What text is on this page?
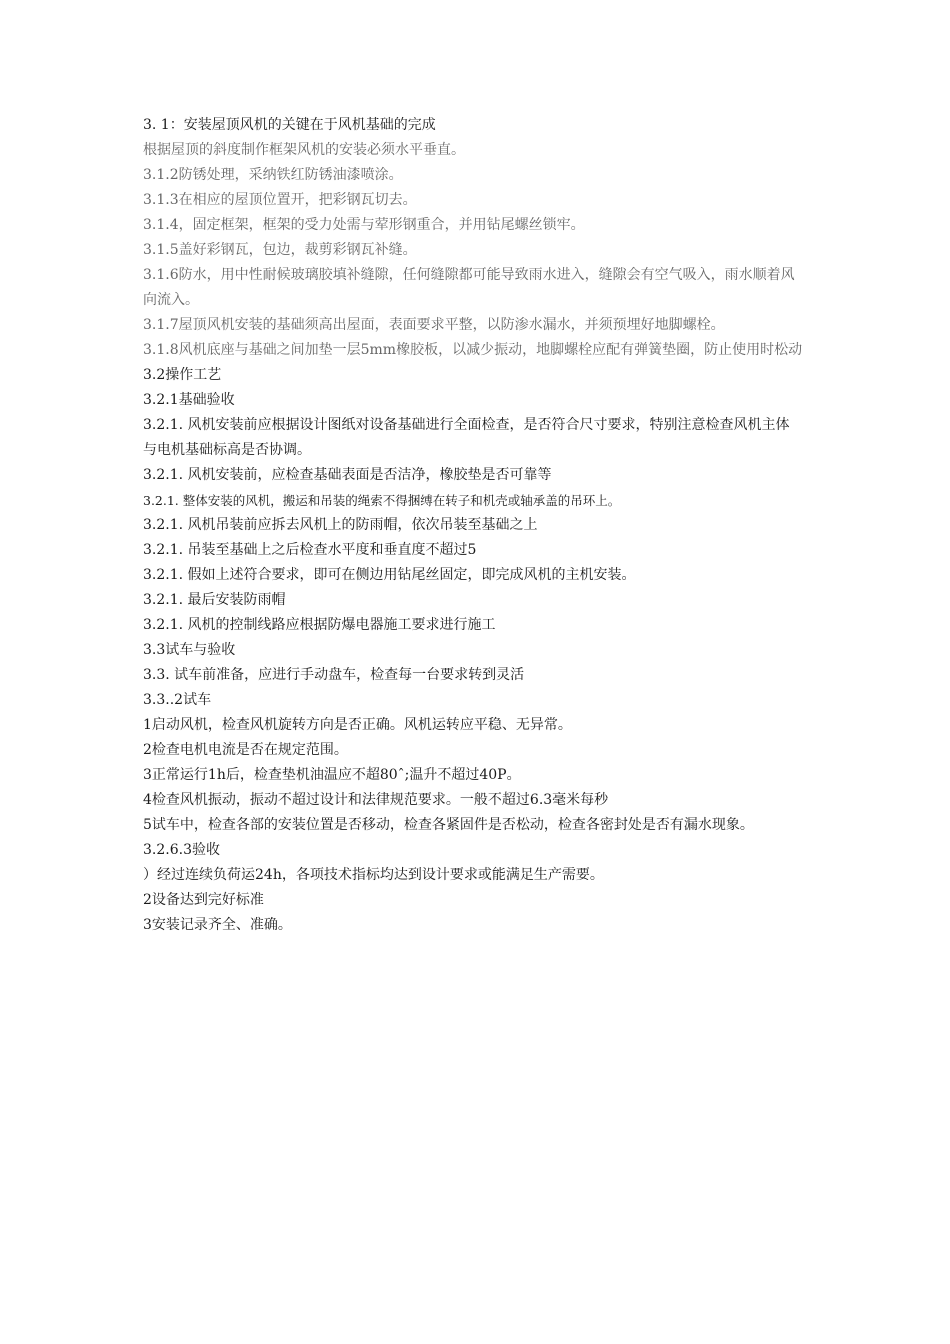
3. 1：安装屋顶风机的关键在于风机基础的完成

根据屋顶的斜度制作框架风机的安装必须水平垂直。

3.1.2防锈处理，采纳铁红防锈油漆喷涂。

3.1.3在相应的屋顶位置开，把彩钢瓦切去。

3.1.4，固定框架，框架的受力处需与荤形钢重合，并用钻尾螺丝锁牢。

3.1.5盖好彩钢瓦，包边，裁剪彩钢瓦补缝。

3.1.6防水，用中性耐候玻璃胶填补缝隙，任何缝隙都可能导致雨水进入，缝隙会有空气吸入，雨水顺着风向流入。

3.1.7屋顶风机安装的基础须高出屋面，表面要求平整，以防渗水漏水，并须预埋好地脚螺栓。

3.1.8风机底座与基础之间加垫一层5mm橡胶板，以减少振动，地脚螺栓应配有弹簧垫圈，防止使用时松动

3.2操作工艺

3.2.1基础验收

3.2.1. 风机安装前应根据设计图纸对设备基础进行全面检查，是否符合尺寸要求，特别注意检查风机主体与电机基础标高是否协调。

3.2.1. 风机安装前，应检查基础表面是否洁净，橡胶垫是否可靠等

3.2.1. 整体安装的风机，搬运和吊装的绳索不得捆缚在转子和机壳或轴承盖的吊环上。

3.2.1. 风机吊装前应拆去风机上的防雨帽，依次吊装至基础之上

3.2.1. 吊装至基础上之后检查水平度和垂直度不超过5

3.2.1. 假如上述符合要求，即可在侧边用钻尾丝固定，即完成风机的主机安装。

3.2.1. 最后安装防雨帽

3.2.1. 风机的控制线路应根据防爆电器施工要求进行施工

3.3试车与验收

3.3. 试车前准备，应进行手动盘车，检查每一台要求转到灵活

3.3..2试车

1启动风机，检查风机旋转方向是否正确。风机运转应平稳、无异常。

2检查电机电流是否在规定范围。

3正常运行1h后，检查垫机油温应不超80ˆ;温升不超过40P。

4检查风机振动，振动不超过设计和法律规范要求。一般不超过6.3毫米每秒

5试车中，检查各部的安装位置是否移动，检查各紧固件是否松动，检查各密封处是否有漏水现象。

3.2.6.3验收

）经过连续负荷运24h，各项技术指标均达到设计要求或能满足生产需要。

2设备达到完好标准

3安装记录齐全、准确。
